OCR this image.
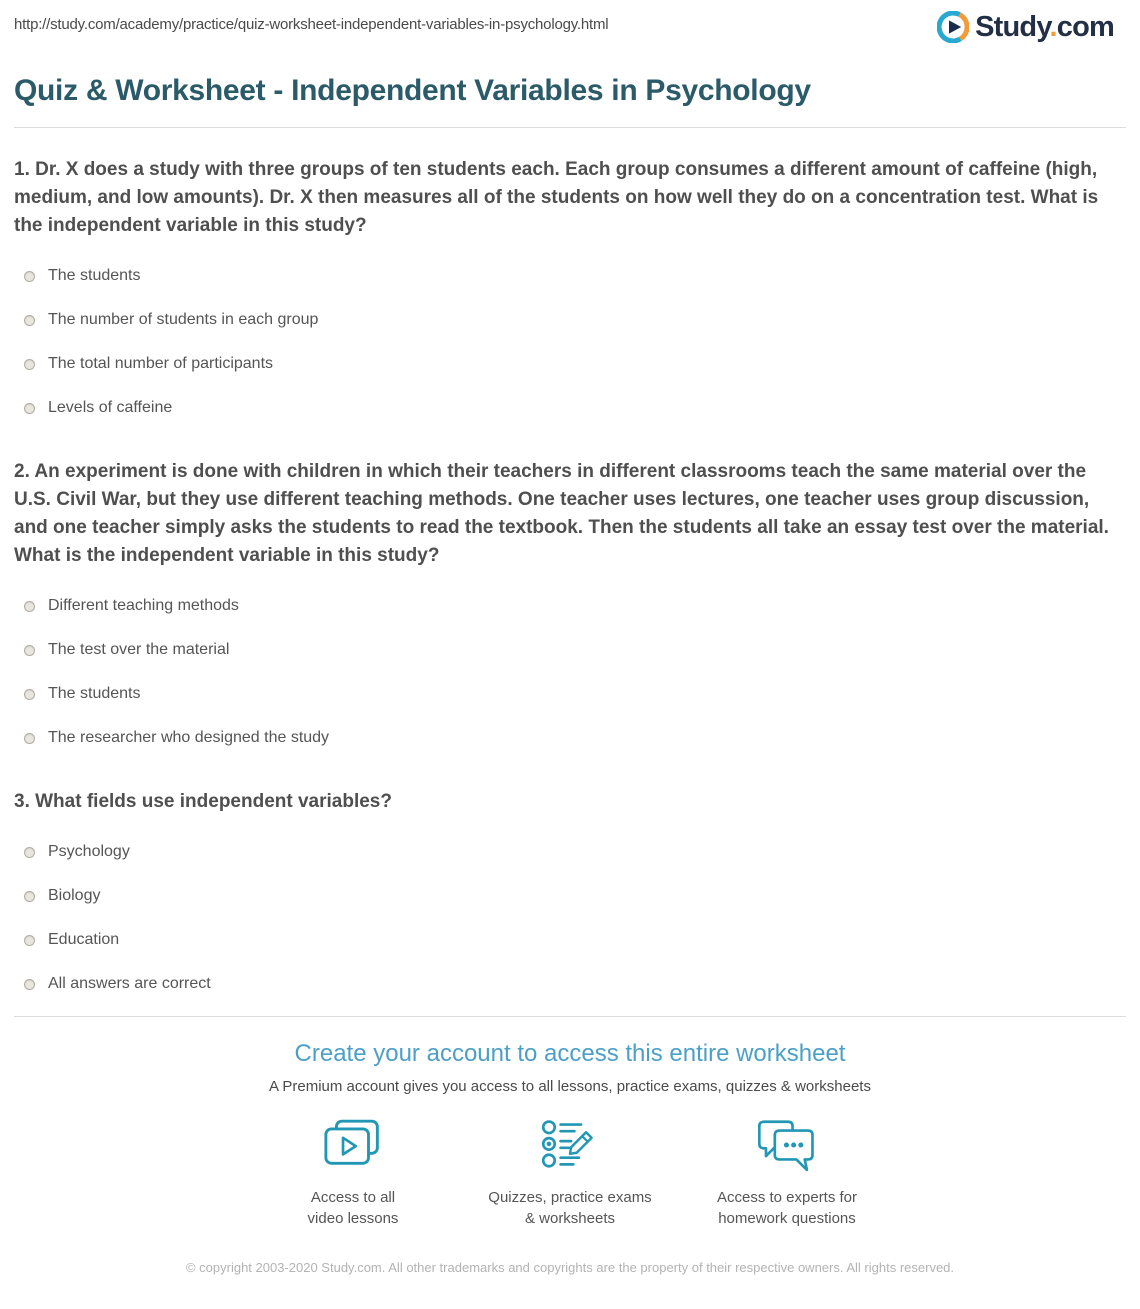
http://study.com/academy/practice/quiz-worksheet-independent-variables-in-psychology.html	Study.com
Quiz & Worksheet - Independent Variables in Psychology

1. Dr. X does a study with three groups of ten students each. Each group consumes a different amount of caffeine (high, medium, and low amounts). Dr. X then measures all of the students on how well they do on a concentration test. What is the independent variable in this study?

The students
The number of students in each group
The total number of participants
Levels of caffeine

2. An experiment is done with children in which their teachers in different classrooms teach the same material over the U.S. Civil War, but they use different teaching methods. One teacher uses lectures, one teacher uses group discussion, and one teacher simply asks the students to read the textbook. Then the students all take an essay test over the material. What is the independent variable in this study?

Different teaching methods
The test over the material
The students
The researcher who designed the study

3. What fields use independent variables?

Psychology
Biology
Education
All answers are correct
Create your account to access this entire worksheet

A Premium account gives you access to all lessons, practice exams, quizzes & worksheets

Access to all
video lessons
Quizzes, practice exams
& worksheets
Access to experts for
homework questions

© copyright 2003-2020 Study.com. All other trademarks and copyrights are the property of their respective owners. All rights reserved.
